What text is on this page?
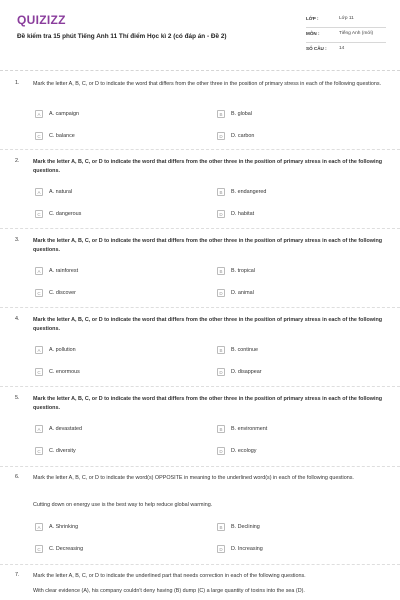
QUIZIZZ
Đề kiểm tra 15 phút Tiếng Anh 11 Thí điểm Học kì 2 (có đáp án - Đề 2)
LỚP :	Lớp 11
MÔN :	Tiếng Anh (mới)
SỐ CÂU :	14
1.	Mark the letter A, B, C, or D to indicate the word that differs from the other three in the position of primary stress in each of the following questions.
A	A. campaign	B	B. global
C	C. balance	D	D. carbon
2.	Mark the letter A, B, C, or D to indicate the word that differs from the other three in the position of primary stress in each of the following questions.
A	A. natural	B	B. endangered
C	C. dangerous	D	D. habitat
3.	Mark the letter A, B, C, or D to indicate the word that differs from the other three in the position of primary stress in each of the following questions.
A	A. rainforest	B	B. tropical
C	C. discover	D	D. animal
4.	Mark the letter A, B, C, or D to indicate the word that differs from the other three in the position of primary stress in each of the following questions.
A	A. pollution	B	B. continue
C	C. enormous	D	D. disappear
5.	Mark the letter A, B, C, or D to indicate the word that differs from the other three in the position of primary stress in each of the following questions.
A	A. devastated	B	B. environment
C	C. diversity	D	D. ecology
6.	Mark the letter A, B, C, or D to indicate the word(s) OPPOSITE in meaning to the underlined word(s) in each of the following questions.
Cutting down on energy use is the best way to help reduce global warming.
A	A. Shrinking	B	B. Declining
C	C. Decreasing	D	D. Increasing
7.	Mark the letter A, B, C, or D to indicate the underlined part that needs correction in each of the following questions.
With clear evidence (A), his company couldn't deny having (B) dump (C) a large quantity of toxins into the sea (D).
